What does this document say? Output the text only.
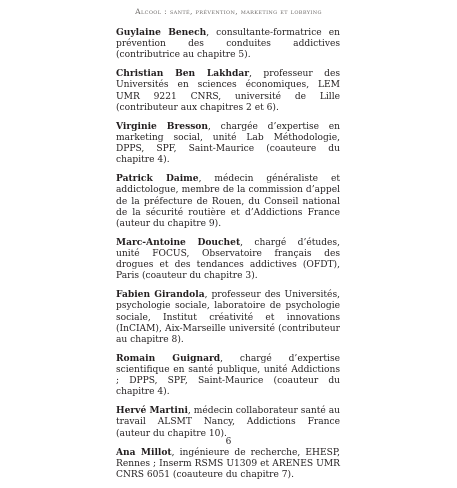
Alcool : santé, prévention, marketing et lobbying

Guylaine Benech, consultante-formatrice en prévention des conduites addictives (contributrice au chapitre 5).

Christian Ben Lakhdar, professeur des Universités en sciences économiques, LEM UMR 9221 CNRS, université de Lille (contributeur aux chapitres 2 et 6).

Virginie Bresson, chargée d’expertise en marketing social, unité Lab Méthodologie, DPPS, SPF, Saint-Maurice (coauteure du chapitre 4).

Patrick Daime, médecin généraliste et addictologue, membre de la commission d’appel de la préfecture de Rouen, du Conseil national de la sécurité routière et d’Addictions France (auteur du chapitre 9).

Marc-Antoine Douchet, chargé d’études, unité FOCUS, Observatoire français des drogues et des tendances addictives (OFDT), Paris (coauteur du chapitre 3).

Fabien Girandola, professeur des Universités, psychologie sociale, laboratoire de psychologie sociale, Institut créativité et innovations (InCIAM), Aix-Marseille université (contributeur au chapitre 8).

Romain Guignard, chargé d’expertise scientifique en santé publique, unité Addictions ; DPPS, SPF, Saint-Maurice (coauteur du chapitre 4).

Hervé Martini, médecin collaborateur santé au travail ALSMT Nancy, Addictions France (auteur du chapitre 10).

Ana Millot, ingénieure de recherche, EHESP, Rennes ; Inserm RSMS U1309 et ARENES UMR CNRS 6051 (coauteure du chapitre 7).

6
